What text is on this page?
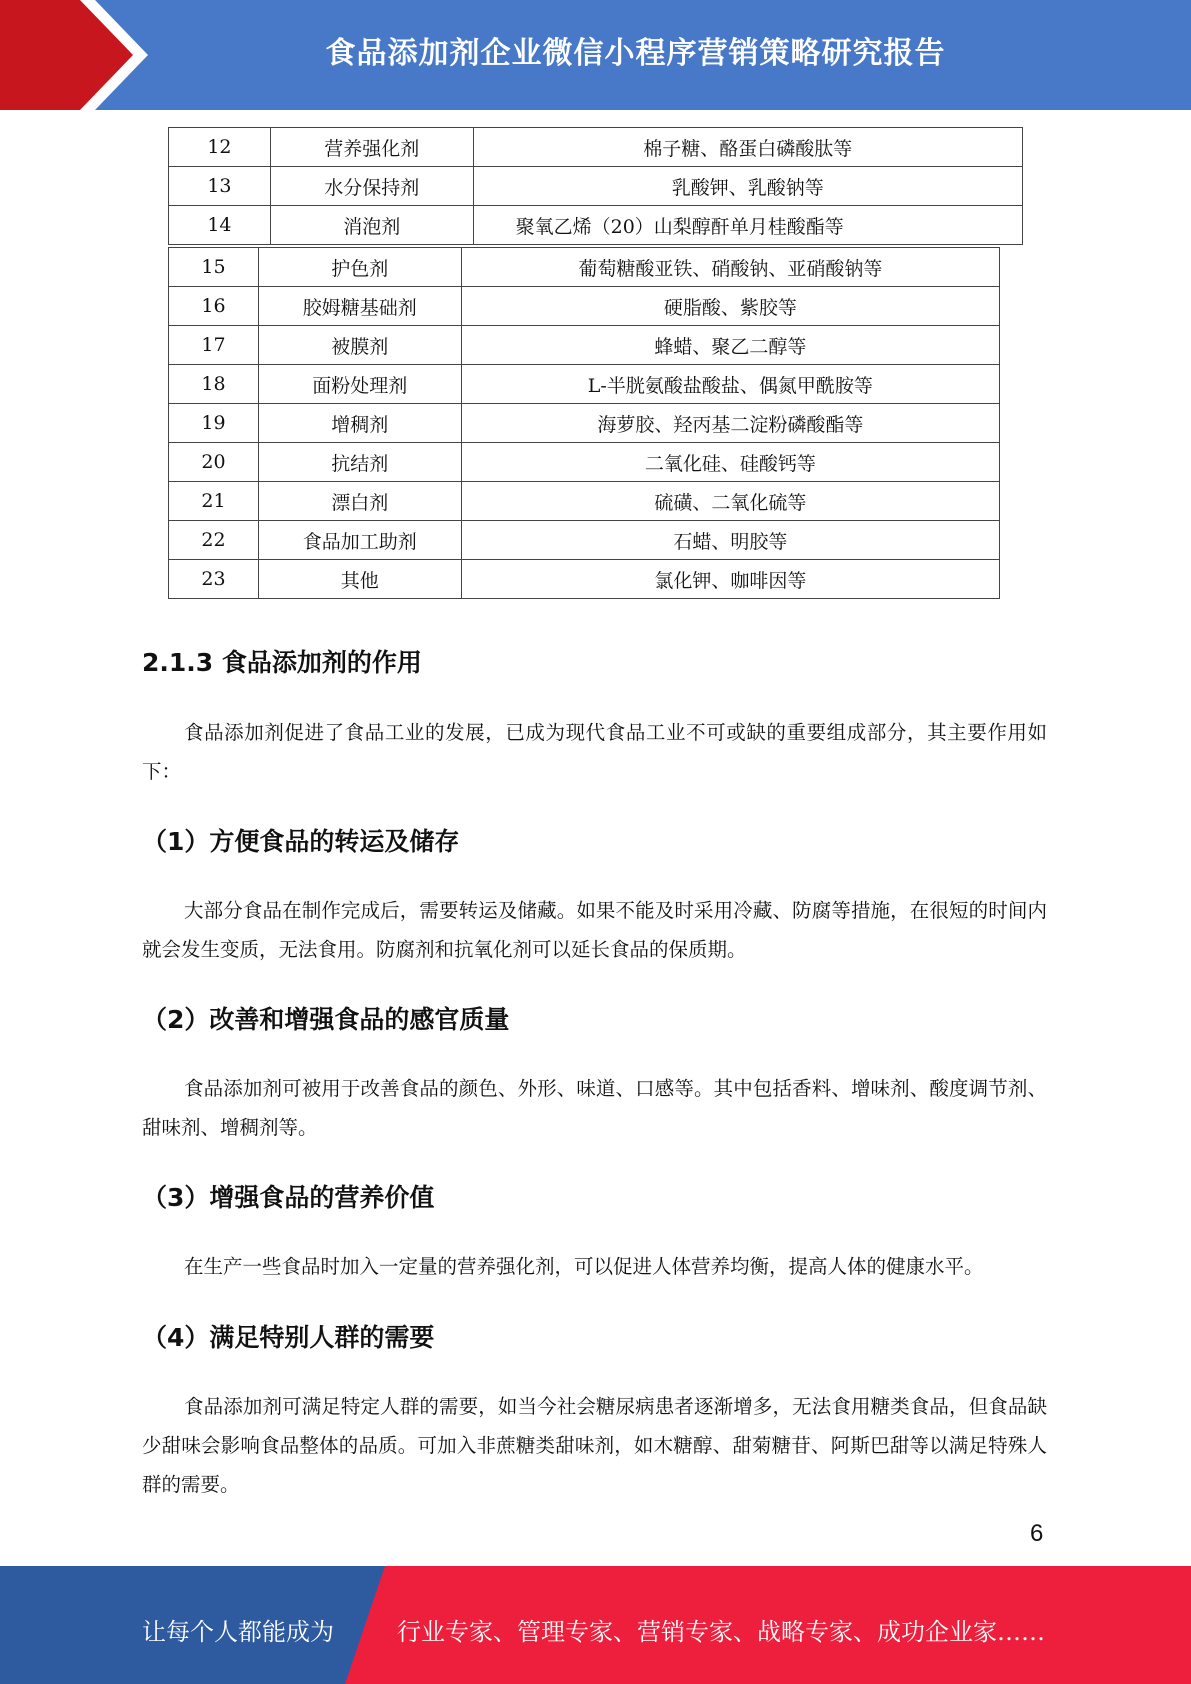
食品添加剂企业微信小程序营销策略研究报告
12	营养强化剂	棉子糖、酪蛋白磷酸肽等
13	水分保持剂	乳酸钾、乳酸钠等
14	消泡剂	聚氧乙烯（20）山梨醇酐单月桂酸酯等
15	护色剂	葡萄糖酸亚铁、硝酸钠、亚硝酸钠等
16	胶姆糖基础剂	硬脂酸、紫胶等
17	被膜剂	蜂蜡、聚乙二醇等
18	面粉处理剂	L-半胱氨酸盐酸盐、偶氮甲酰胺等
19	增稠剂	海萝胶、羟丙基二淀粉磷酸酯等
20	抗结剂	二氧化硅、硅酸钙等
21	漂白剂	硫磺、二氧化硫等
22	食品加工助剂	石蜡、明胶等
23	其他	氯化钾、咖啡因等
2.1.3 食品添加剂的作用
食品添加剂促进了食品工业的发展，已成为现代食品工业不可或缺的重要组成部分，其主要作用如下：
（1）方便食品的转运及储存
大部分食品在制作完成后，需要转运及储藏。如果不能及时采用冷藏、防腐等措施，在很短的时间内就会发生变质，无法食用。防腐剂和抗氧化剂可以延长食品的保质期。
（2）改善和增强食品的感官质量
食品添加剂可被用于改善食品的颜色、外形、味道、口感等。其中包括香料、增味剂、酸度调节剂、甜味剂、增稠剂等。
（3）增强食品的营养价值
在生产一些食品时加入一定量的营养强化剂，可以促进人体营养均衡，提高人体的健康水平。
（4）满足特别人群的需要
食品添加剂可满足特定人群的需要，如当今社会糖尿病患者逐渐增多，无法食用糖类食品，但食品缺少甜味会影响食品整体的品质。可加入非蔗糖类甜味剂，如木糖醇、甜菊糖苷、阿斯巴甜等以满足特殊人群的需要。
6
让每个人都能成为	行业专家、管理专家、营销专家、战略专家、成功企业家……
